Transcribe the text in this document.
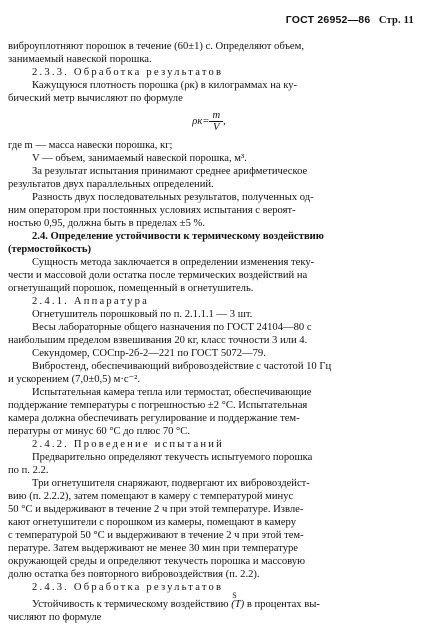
ГОСТ 26952—86 Стр. 11

виброуплотняют порошок в течение (60±1) с. Определяют объем,

занимаемый навеской порошка.

2.3.3. Обработка результатов

Кажущуюся плотность порошка (ρк) в килограммах на ку-

бический метр вычисляют по формуле

$\rho к= \frac{m}{V}$ ,

где m — масса навески порошка, кг;

V — объем, занимаемый навеской порошка, м³.

За результат испытания принимают среднее арифметическое

результатов двух параллельных определений.

Разность двух последовательных результатов, полученных од-

ним оператором при постоянных условиях испытания с вероят-

ностью 0,95, должна быть в пределах ±5 %.

2.4. Определение устойчивости к термическому воздействию

(термостойкость)

Сущность метода заключается в определении изменения теку-

чести и массовой доли остатка после термических воздействий на

огнетушащий порошок, помещенный в огнетушитель.

2.4.1. Аппаратура

Огнетушитель порошковый по п. 2.1.1.1 — 3 шт.

Весы лабораторные общего назначения по ГОСТ 24104—80 с

наибольшим пределом взвешивания 20 кг, класс точности 3 или 4.

Секундомер, СОСпр-2б-2—221 по ГОСТ 5072—79.

Вибростенд, обеспечивающий вибровоздействие с частотой 10 Гц

и ускорением (7,0±0,5) м·с⁻².

Испытательная камера тепла или термостат, обеспечивающие

поддержание температуры с погрешностью ±2 °С. Испытательная

камера должна обеспечивать регулирование и поддержание тем-

пературы от минус 60 °С до плюс 70 °С.

2.4.2. Проведение испытаний

Предварительно определяют текучесть испытуемого порошка

по п. 2.2.

Три огнетушителя снаряжают, подвергают их вибровоздейст-

вию (п. 2.2.2), затем помещают в камеру с температурой минус

50 °С и выдерживают в течение 2 ч при этой температуре. Извле-

кают огнетушители с порошком из камеры, помещают в камеру

с температурой 50 °С и выдерживают в течение 2 ч при этой тем-

пературе. Затем выдерживают не менее 30 мин при температуре

окружающей среды и определяют текучесть порошка и массовую

долю остатка без повторного вибровоздействия (п. 2.2).

2.4.3. Обработка результатов

Устойчивость к термическому воздействию (
S
T) в процентах вы-

числяют по формуле
